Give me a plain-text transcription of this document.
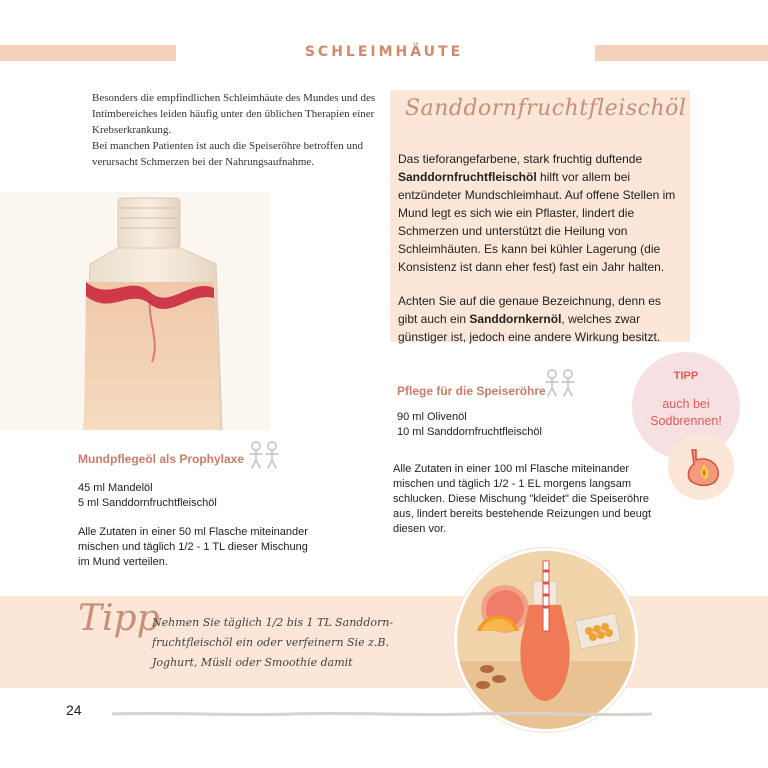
SCHLEIMHÄUTE

Besonders die empfindlichen Schleimhäute des Mundes und des Intimbereiches leiden häufig unter den üblichen Therapien einer Krebserkrankung.

Bei manchen Patienten ist auch die Speiseröhre betroffen und verursacht Schmerzen bei der Nahrungsaufnahme.

Sanddornfruchtfleischöl

Das tieforangefarbene, stark fruchtig duftende Sanddornfruchtfleischöl hilft vor allem bei entzündeter Mundschleimhaut. Auf offene Stellen im Mund legt es sich wie ein Pflaster, lindert die Schmerzen und unterstützt die Heilung von Schleimhäuten. Es kann bei kühler Lagerung (die Konsistenz ist dann eher fest) fast ein Jahr halten.

Achten Sie auf die genaue Bezeichnung, denn es gibt auch ein Sanddornkernöl, welches zwar günstiger ist, jedoch eine andere Wirkung besitzt.

Pflege für die Speiseröhre

90 ml Olivenöl

10 ml Sanddornfruchtfleischöl

Alle Zutaten in einer 100 ml Flasche miteinander mischen und täglich 1/2 - 1 EL morgens langsam schlucken. Diese Mischung "kleidet" die Speiseröhre aus, lindert bereits bestehende Reizungen und beugt diesen vor.
TIPP
auch bei Sodbrennen!
Mundpflegeöl als Prophylaxe

45 ml Mandelöl

5 ml Sanddornfruchtfleischöl

Alle Zutaten in einer 50 ml Flasche miteinander mischen und täglich 1/2 - 1 TL dieser Mischung im Mund verteilen.
Tipp
Nehmen Sie täglich 1/2 bis 1 TL Sanddorn-fruchtfleischöl ein oder verfeinern Sie z.B. Joghurt, Müsli oder Smoothie damit
24
